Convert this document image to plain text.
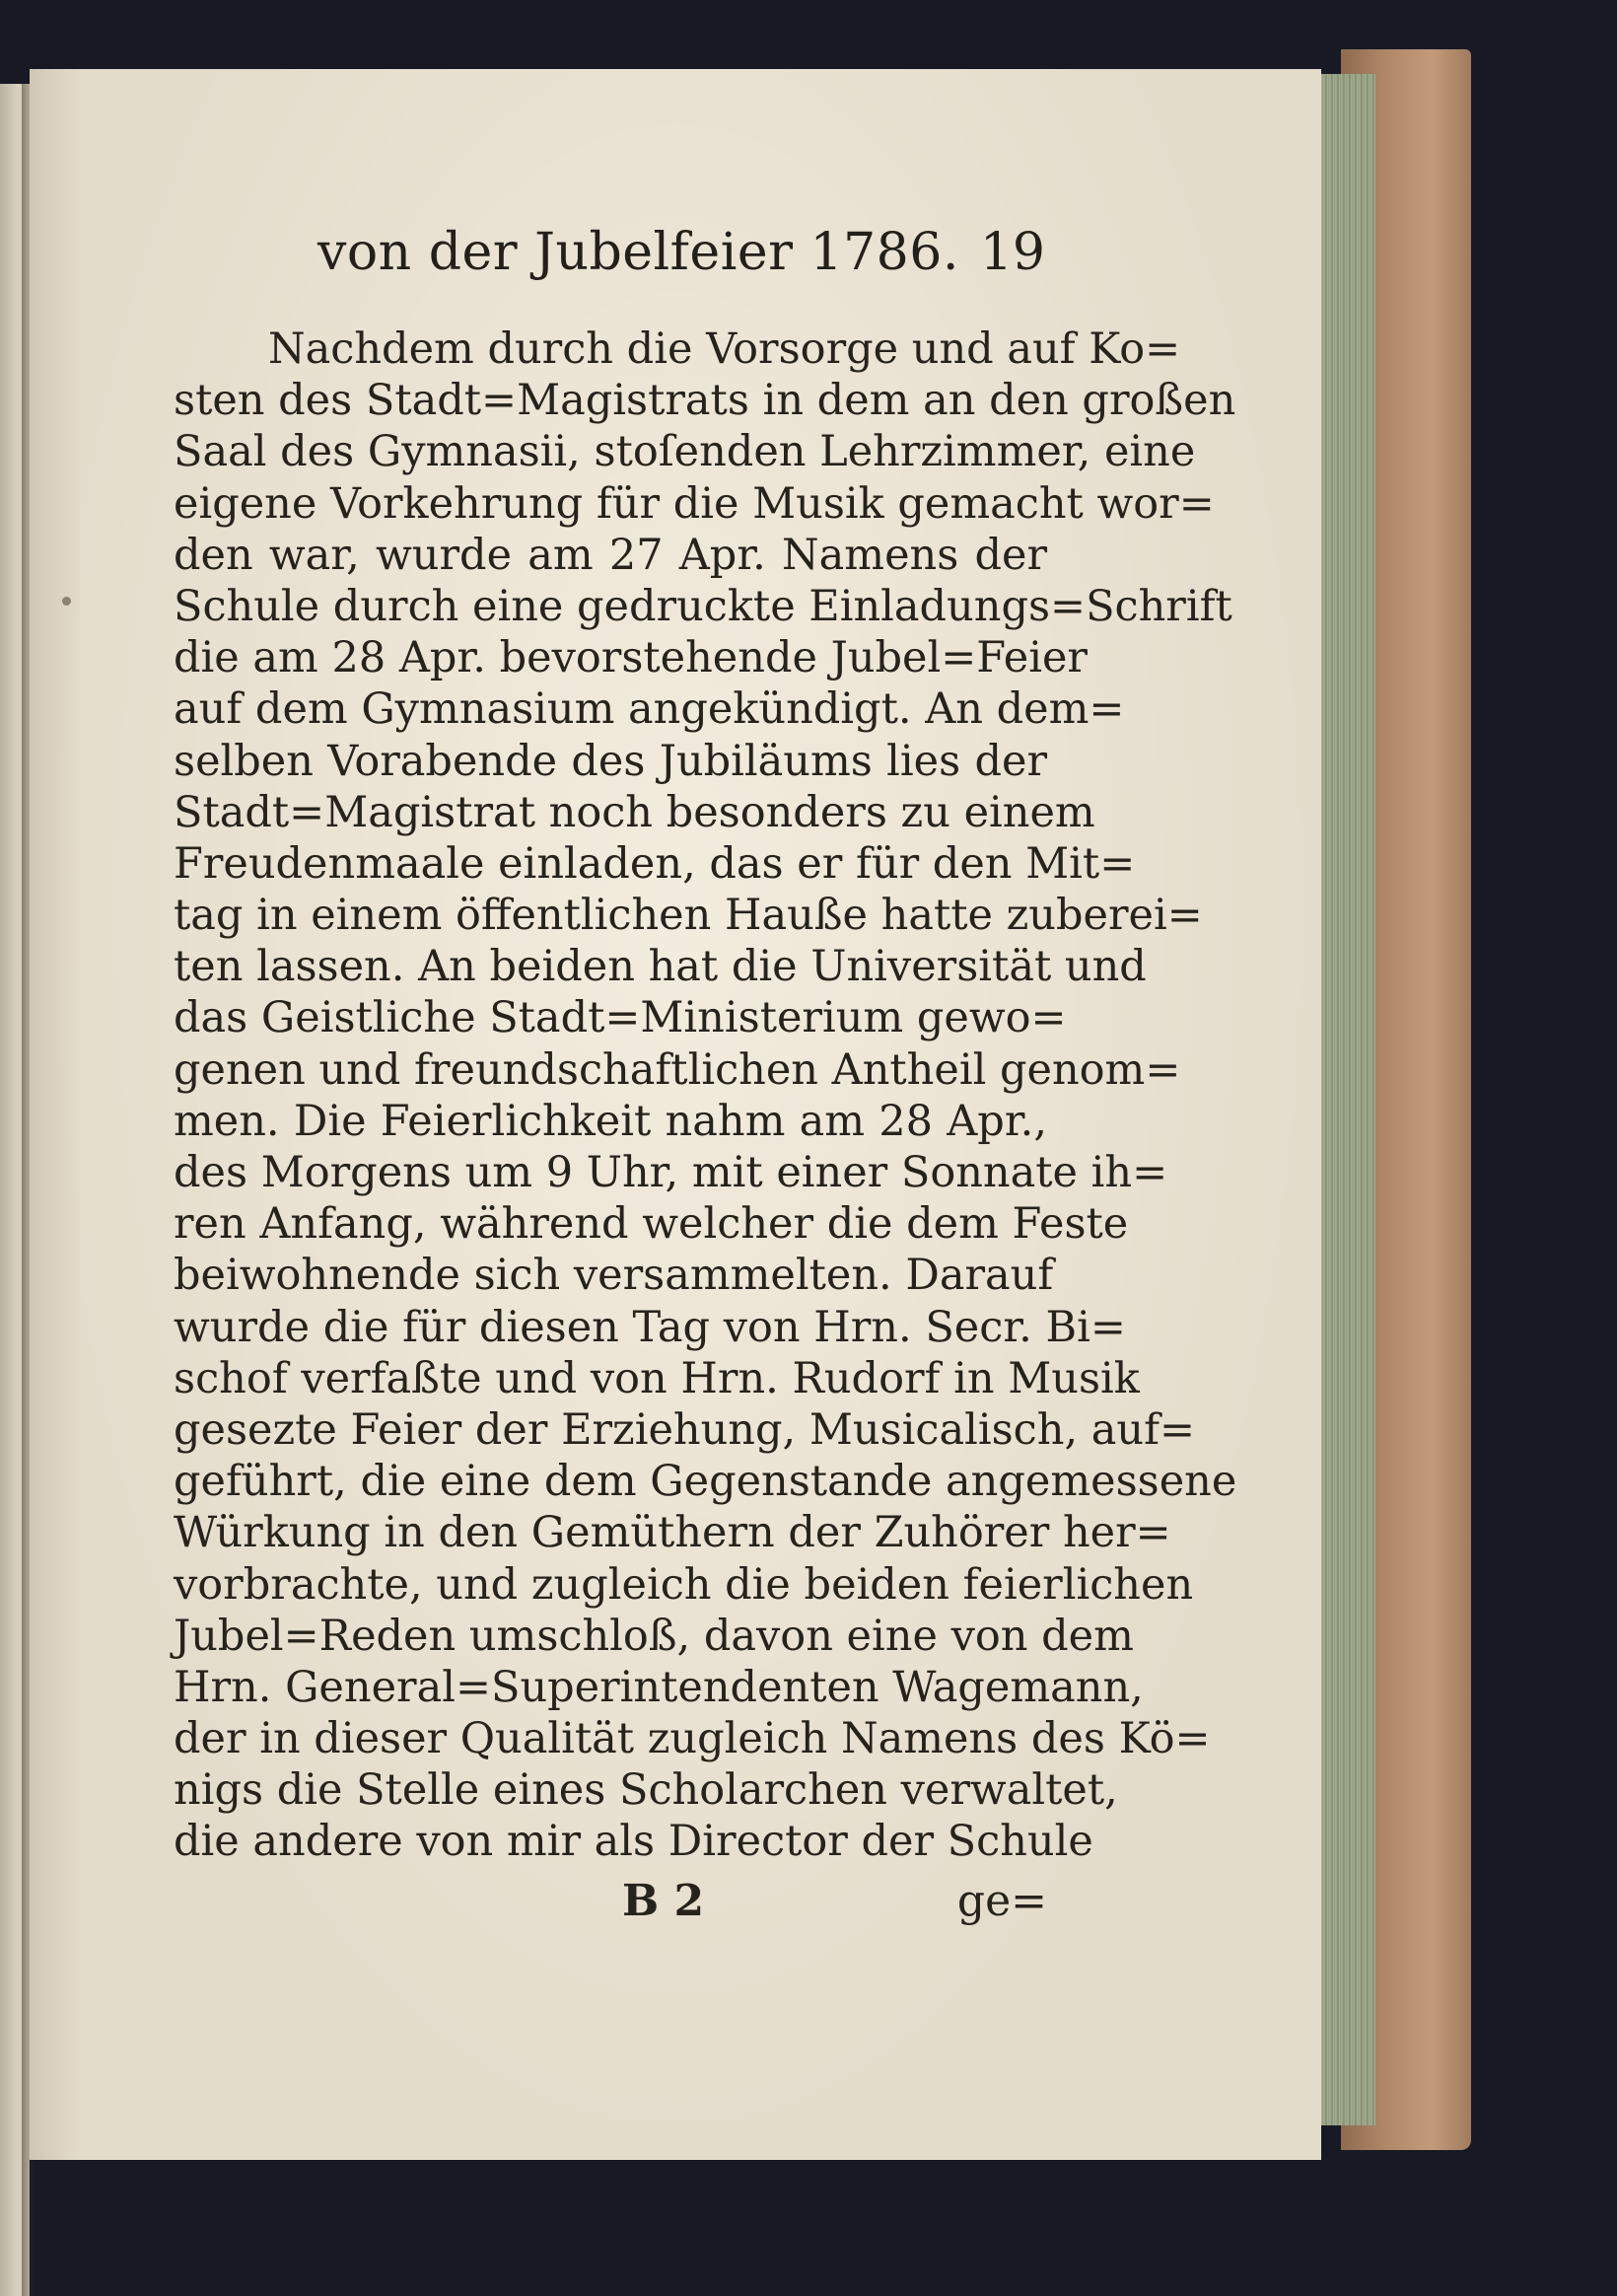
von der Jubelfeier 1786. 19
Nachdem durch die Vorsorge und auf Ko=
sten des Stadt=Magistrats in dem an den großen
Saal des Gymnasii, stoſenden Lehrzimmer, eine
eigene Vorkehrung für die Musik gemacht wor=
den war, wurde am 27 Apr. Namens der
Schule durch eine gedruckte Einladungs=Schrift
die am 28 Apr. bevorstehende Jubel=Feier
auf dem Gymnasium angekündigt. An dem=
selben Vorabende des Jubiläums lies der
Stadt=Magistrat noch besonders zu einem
Freudenmaale einladen, das er für den Mit=
tag in einem öffentlichen Hauße hatte zuberei=
ten lassen. An beiden hat die Universität und
das Geistliche Stadt=Ministerium gewo=
genen und freundschaftlichen Antheil genom=
men. Die Feierlichkeit nahm am 28 Apr.,
des Morgens um 9 Uhr, mit einer Sonnate ih=
ren Anfang, während welcher die dem Feste
beiwohnende sich versammelten. Darauf
wurde die für diesen Tag von Hrn. Secr. Bi=
schof verfaßte und von Hrn. Rudorf in Musik
gesezte Feier der Erziehung, Musicalisch, auf=
geführt, die eine dem Gegenstande angemessene
Würkung in den Gemüthern der Zuhörer her=
vorbrachte, und zugleich die beiden feierlichen
Jubel=Reden umschloß, davon eine von dem
Hrn. General=Superintendenten Wagemann,
der in dieser Qualität zugleich Namens des Kö=
nigs die Stelle eines Scholarchen verwaltet,
die andere von mir als Director der Schule
B 2	ge=
